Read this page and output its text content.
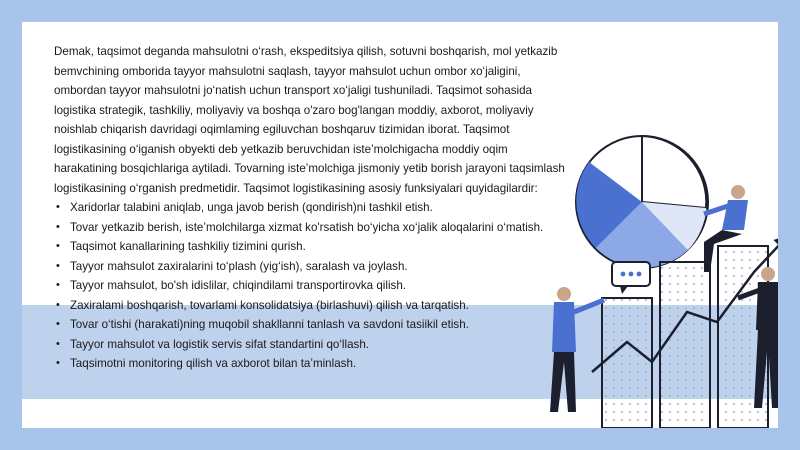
Demak, taqsimot deganda mahsulotni o‘rash, ekspeditsiya qilish, sotuvni boshqarish, mol yetkazib bemvchining omborida tayyor mahsulotni saqlash, tayyor mahsulot uchun ombor xo‘jaligini, ombordan tayyor mahsulotni jo‘natish uchun transport xo‘jaligi tushuniladi. Taqsimot sohasida logistika strategik, tashkiliy, moliyaviy va boshqa o'zaro bog'langan moddiy, axborot, moliyaviy noishlab chiqarish davridagi oqimlaming egiluvchan boshqaruv tizimidan iborat. Taqsimot logistikasining o‘iganish obyekti deb yetkazib beruvchidan iste’molchigacha moddiy oqim harakatining bosqichlariga aytiladi. Tovarning iste’molchiga jismoniy yetib borish jarayoni taqsimlash logistikasining o‘rganish predmetidir. Taqsimot logistikasining asosiy funksiyalari quyidagilardir:

• Xaridorlar talabini aniqlab, unga javob berish (qondirish)ni tashkil etish.
• Tovar yetkazib berish, iste’molchilarga xizmat ko'rsatish bo‘yicha xo‘jalik aloqalarini o‘matish.
• Taqsimot kanallarining tashkiliy tizimini qurish.
• Tayyor mahsulot zaxiralarini to‘plash (yig‘ish), saralash va joylash.
• Tayyor mahsulot, bo'sh idislilar, chiqindilami transportirovka qilish.
• Zaxiralami boshqarish, tovarlami konsolidatsiya (birlashuvi) qilish va tarqatish.
• Tovar o‘tishi (harakati)ning muqobil shakllanni tanlash va savdoni tasiikil etish.
• Tayyor mahsulot va logistik servis sifat standartini qo‘llash.
• Taqsimotni monitoring qilish va axborot bilan ta’minlash.
